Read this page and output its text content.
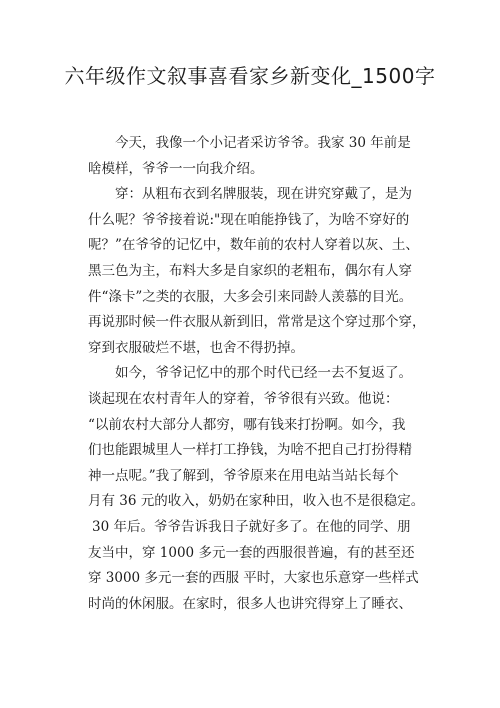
六年级作文叙事喜看家乡新变化_1500字
今天，我像一个小记者采访爷爷。我家 30 年前是
啥模样，爷爷一一向我介绍。
穿：从粗布衣到名牌服装，现在讲究穿戴了，是为
什么呢？爷爷接着说:"现在咱能挣钱了，为啥不穿好的
呢？”在爷爷的记忆中，数年前的农村人穿着以灰、土、
黑三色为主，布料大多是自家织的老粗布，偶尔有人穿
件“涤卡”之类的衣服，大多会引来同龄人羡慕的目光。
再说那时候一件衣服从新到旧，常常是这个穿过那个穿，
穿到衣服破烂不堪，也舍不得扔掉。
如今，爷爷记忆中的那个时代已经一去不复返了。
谈起现在农村青年人的穿着，爷爷很有兴致。他说：
“以前农村大部分人都穷，哪有钱来打扮啊。如今，我
们也能跟城里人一样打工挣钱，为啥不把自己打扮得精
神一点呢。”我了解到，爷爷原来在用电站当站长每个
月有 36 元的收入，奶奶在家种田，收入也不是很稳定。
30 年后。爷爷告诉我日子就好多了。在他的同学、朋
友当中，穿 1000 多元一套的西服很普遍，有的甚至还
穿 3000 多元一套的西服 平时，大家也乐意穿一些样式
时尚的休闲服。在家时，很多人也讲究得穿上了睡衣、
